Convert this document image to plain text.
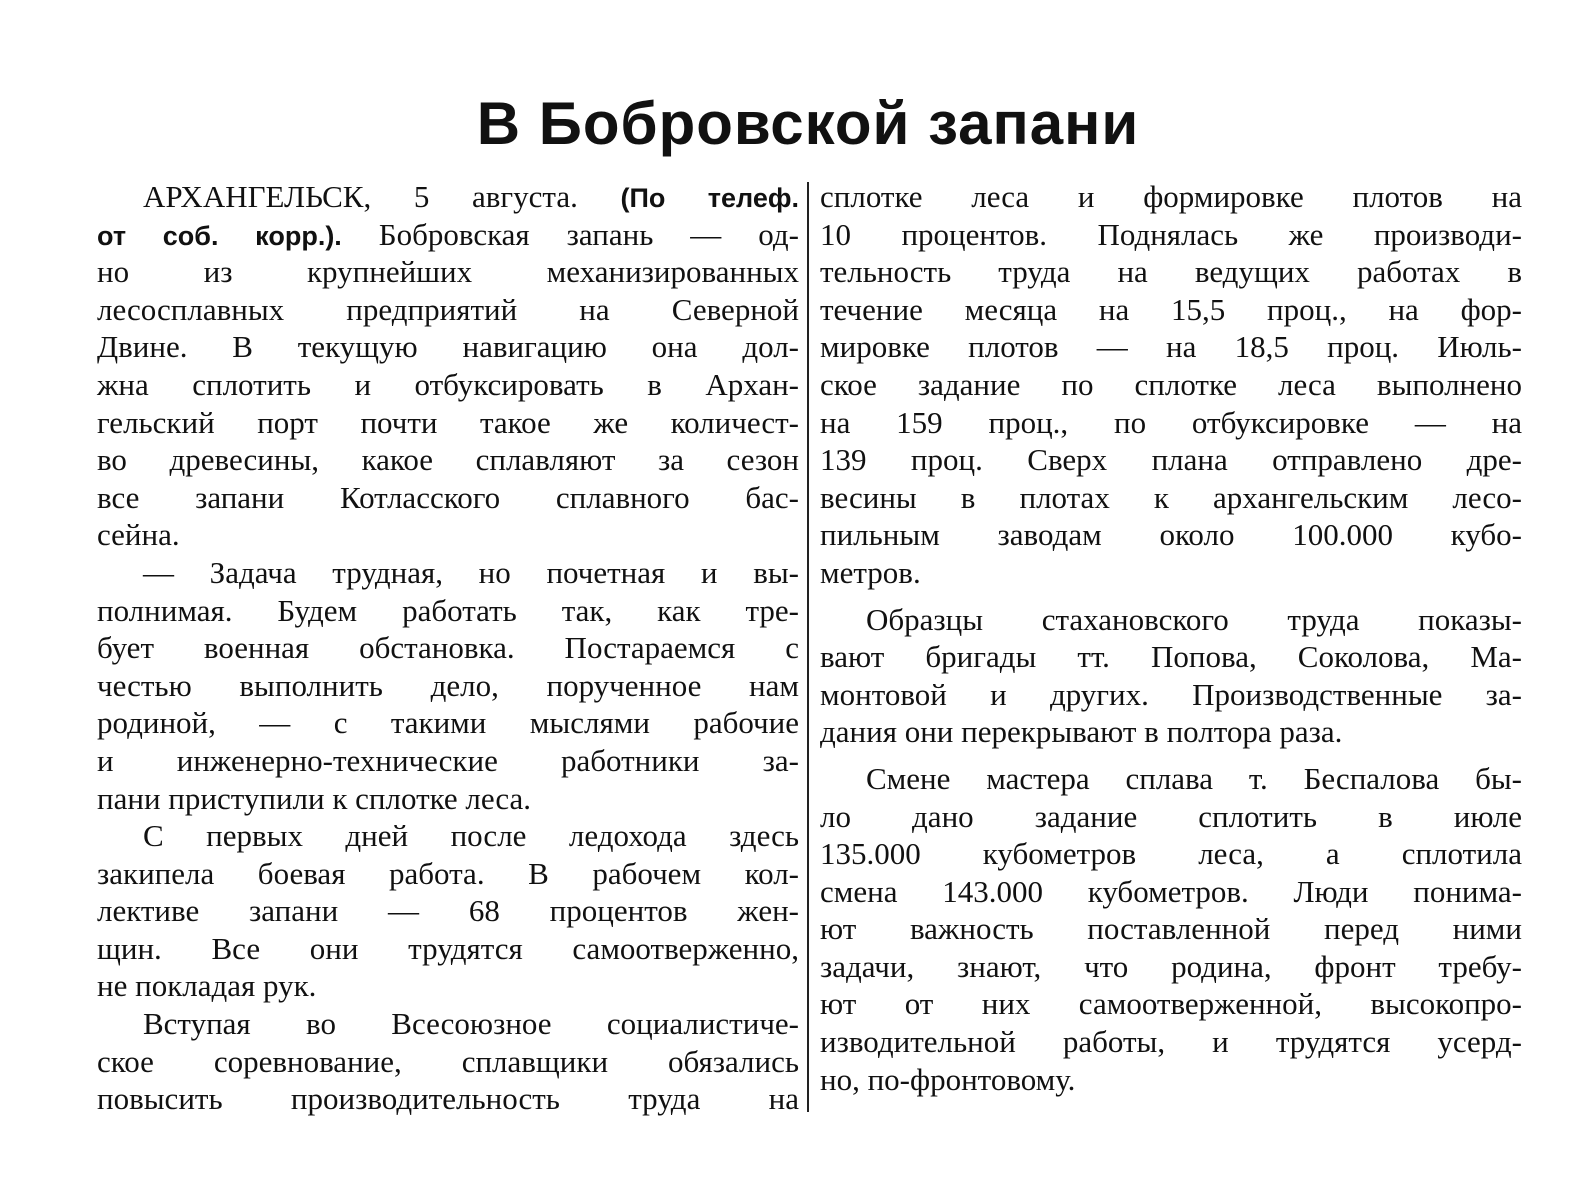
В Бобровской запани
АРХАНГЕЛЬСК, 5 августа. (По телеф.
от соб. корр.). Бобровская запань — од-
но из крупнейших механизированных
лесосплавных предприятий на Северной
Двине. В текущую навигацию она дол-
жна сплотить и отбуксировать в Архан-
гельский порт почти такое же количест-
во древесины, какое сплавляют за сезон
все запани Котласского сплавного бас-
сейна.
— Задача трудная, но почетная и вы-
полнимая. Будем работать так, как тре-
бует военная обстановка. Постараемся с
честью выполнить дело, порученное нам
родиной, — с такими мыслями рабочие
и инженерно-технические работники за-
пани приступили к сплотке леса.
С первых дней после ледохода здесь
закипела боевая работа. В рабочем кол-
лективе запани — 68 процентов жен-
щин. Все они трудятся самоотверженно,
не покладая рук.
Вступая во Всесоюзное социалистиче-
ское соревнование, сплавщики обязались
повысить производительность труда на
сплотке леса и формировке плотов на
10 процентов. Поднялась же производи-
тельность труда на ведущих работах в
течение месяца на 15,5 проц., на фор-
мировке плотов — на 18,5 проц. Июль-
ское задание по сплотке леса выполнено
на 159 проц., по отбуксировке — на
139 проц. Сверх плана отправлено дре-
весины в плотах к архангельским лесо-
пильным заводам около 100.000 кубо-
метров.
Образцы стахановского труда показы-
вают бригады тт. Попова, Соколова, Ма-
монтовой и других. Производственные за-
дания они перекрывают в полтора раза.
Смене мастера сплава т. Беспалова бы-
ло дано задание сплотить в июле
135.000 кубометров леса, а сплотила
смена 143.000 кубометров. Люди понима-
ют важность поставленной перед ними
задачи, знают, что родина, фронт требу-
ют от них самоотверженной, высокопро-
изводительной работы, и трудятся усерд-
но, по-фронтовому.
